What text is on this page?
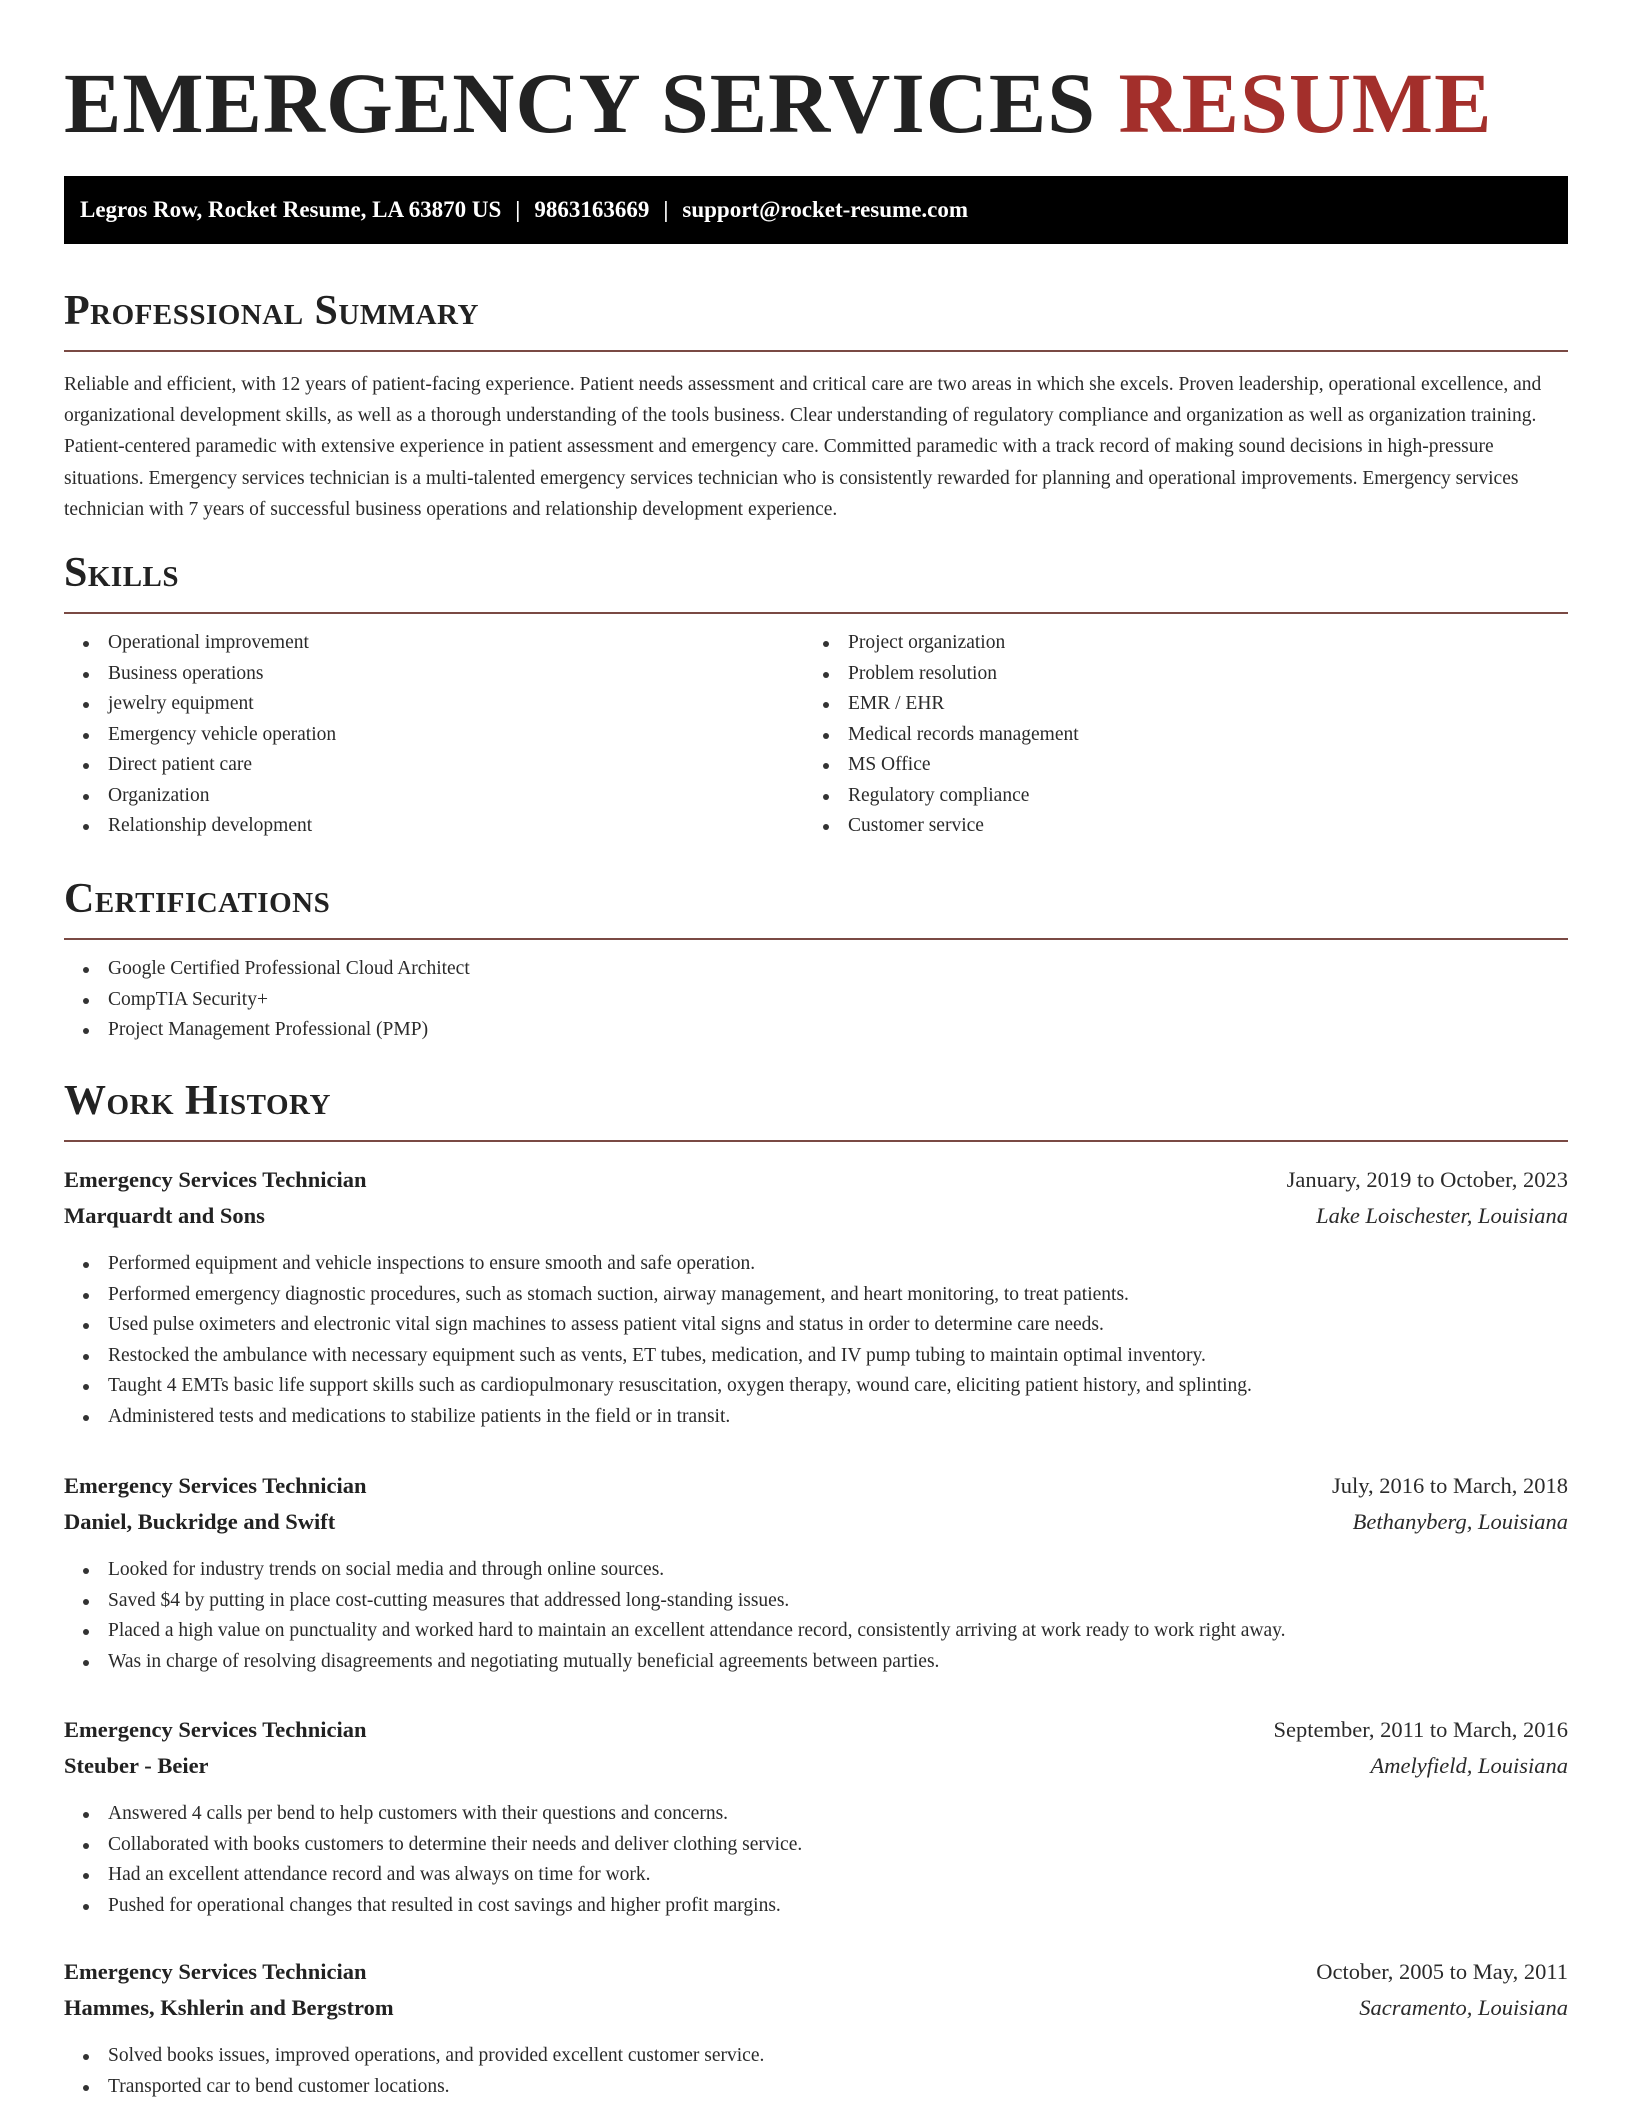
EMERGENCY SERVICES RESUME
Legros Row, Rocket Resume, LA 63870 US | 9863163669 | support@rocket-resume.com
Professional Summary

Reliable and efficient, with 12 years of patient-facing experience. Patient needs assessment and critical care are two areas in which she excels. Proven leadership, operational excellence, and organizational development skills, as well as a thorough understanding of the tools business. Clear understanding of regulatory compliance and organization as well as organization training. Patient-centered paramedic with extensive experience in patient assessment and emergency care. Committed paramedic with a track record of making sound decisions in high-pressure situations. Emergency services technician is a multi-talented emergency services technician who is consistently rewarded for planning and operational improvements. Emergency services technician with 7 years of successful business operations and relationship development experience.

Skills
Operational improvement
Business operations
jewelry equipment
Emergency vehicle operation
Direct patient care
Organization
Relationship development
Project organization
Problem resolution
EMR / EHR
Medical records management
MS Office
Regulatory compliance
Customer service
Certifications
Google Certified Professional Cloud Architect
CompTIA Security+
Project Management Professional (PMP)
Work History
Emergency Services Technician	January, 2019 to October, 2023
Marquardt and Sons	Lake Loischester, Louisiana
Performed equipment and vehicle inspections to ensure smooth and safe operation.
Performed emergency diagnostic procedures, such as stomach suction, airway management, and heart monitoring, to treat patients.
Used pulse oximeters and electronic vital sign machines to assess patient vital signs and status in order to determine care needs.
Restocked the ambulance with necessary equipment such as vents, ET tubes, medication, and IV pump tubing to maintain optimal inventory.
Taught 4 EMTs basic life support skills such as cardiopulmonary resuscitation, oxygen therapy, wound care, eliciting patient history, and splinting.
Administered tests and medications to stabilize patients in the field or in transit.
Emergency Services Technician	July, 2016 to March, 2018
Daniel, Buckridge and Swift	Bethanyberg, Louisiana
Looked for industry trends on social media and through online sources.
Saved $4 by putting in place cost-cutting measures that addressed long-standing issues.
Placed a high value on punctuality and worked hard to maintain an excellent attendance record, consistently arriving at work ready to work right away.
Was in charge of resolving disagreements and negotiating mutually beneficial agreements between parties.
Emergency Services Technician	September, 2011 to March, 2016
Steuber - Beier	Amelyfield, Louisiana
Answered 4 calls per bend to help customers with their questions and concerns.
Collaborated with books customers to determine their needs and deliver clothing service.
Had an excellent attendance record and was always on time for work.
Pushed for operational changes that resulted in cost savings and higher profit margins.
Emergency Services Technician	October, 2005 to May, 2011
Hammes, Kshlerin and Bergstrom	Sacramento, Louisiana
Solved books issues, improved operations, and provided excellent customer service.
Transported car to bend customer locations.
